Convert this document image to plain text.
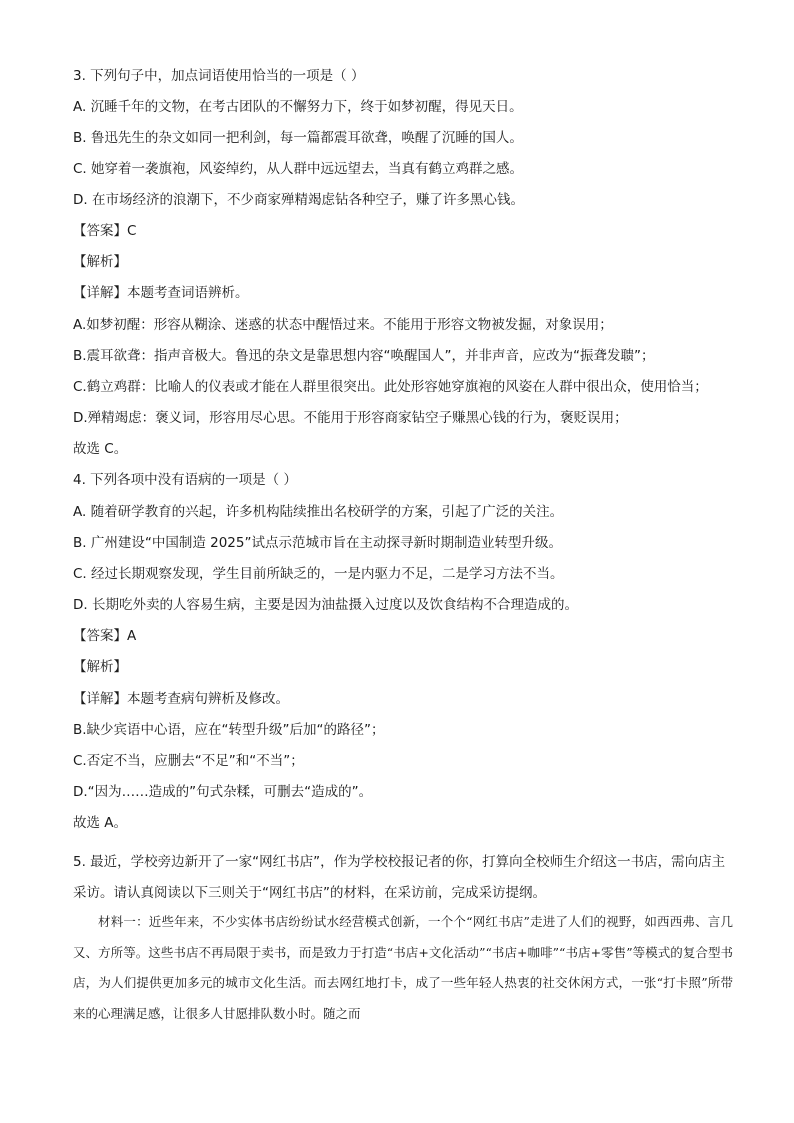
3. 下列句子中，加点词语使用恰当的一项是（ ）
A. 沉睡千年的文物，在考古团队的不懈努力下，终于如梦初醒，得见天日。
B. 鲁迅先生的杂文如同一把利剑，每一篇都震耳欲聋，唤醒了沉睡的国人。
C. 她穿着一袭旗袍，风姿绰约，从人群中远远望去，当真有鹤立鸡群之感。
D. 在市场经济的浪潮下，不少商家殚精竭虑钻各种空子，赚了许多黑心钱。
【答案】C
【解析】
【详解】本题考查词语辨析。
A.如梦初醒：形容从糊涂、迷惑的状态中醒悟过来。不能用于形容文物被发掘，对象误用；
B.震耳欲聋：指声音极大。鲁迅的杂文是靠思想内容“唤醒国人”，并非声音，应改为“振聋发聩”；
C.鹤立鸡群：比喻人的仪表或才能在人群里很突出。此处形容她穿旗袍的风姿在人群中很出众，使用恰当；
D.殚精竭虑：褒义词，形容用尽心思。不能用于形容商家钻空子赚黑心钱的行为，褒贬误用；
故选 C。
4. 下列各项中没有语病的一项是（ ）
A. 随着研学教育的兴起，许多机构陆续推出名校研学的方案，引起了广泛的关注。
B. 广州建设“中国制造 2025”试点示范城市旨在主动探寻新时期制造业转型升级。
C. 经过长期观察发现，学生目前所缺乏的，一是内驱力不足，二是学习方法不当。
D. 长期吃外卖的人容易生病，主要是因为油盐摄入过度以及饮食结构不合理造成的。
【答案】A
【解析】
【详解】本题考查病句辨析及修改。
B.缺少宾语中心语，应在“转型升级”后加“的路径”；
C.否定不当，应删去“不足”和“不当”；
D.“因为……造成的”句式杂糅，可删去“造成的”。
故选 A。
5. 最近，学校旁边新开了一家“网红书店”，作为学校校报记者的你，打算向全校师生介绍这一书店，需向店主采访。请认真阅读以下三则关于“网红书店”的材料，在采访前，完成采访提纲。
材料一：近些年来，不少实体书店纷纷试水经营模式创新，一个个“网红书店”走进了人们的视野，如西西弗、言几又、方所等。这些书店不再局限于卖书，而是致力于打造“书店+文化活动”“书店+咖啡”“书店+零售”等模式的复合型书店，为人们提供更加多元的城市文化生活。而去网红地打卡，成了一些年轻人热衷的社交休闲方式，一张“打卡照”所带来的心理满足感，让很多人甘愿排队数小时。随之而
